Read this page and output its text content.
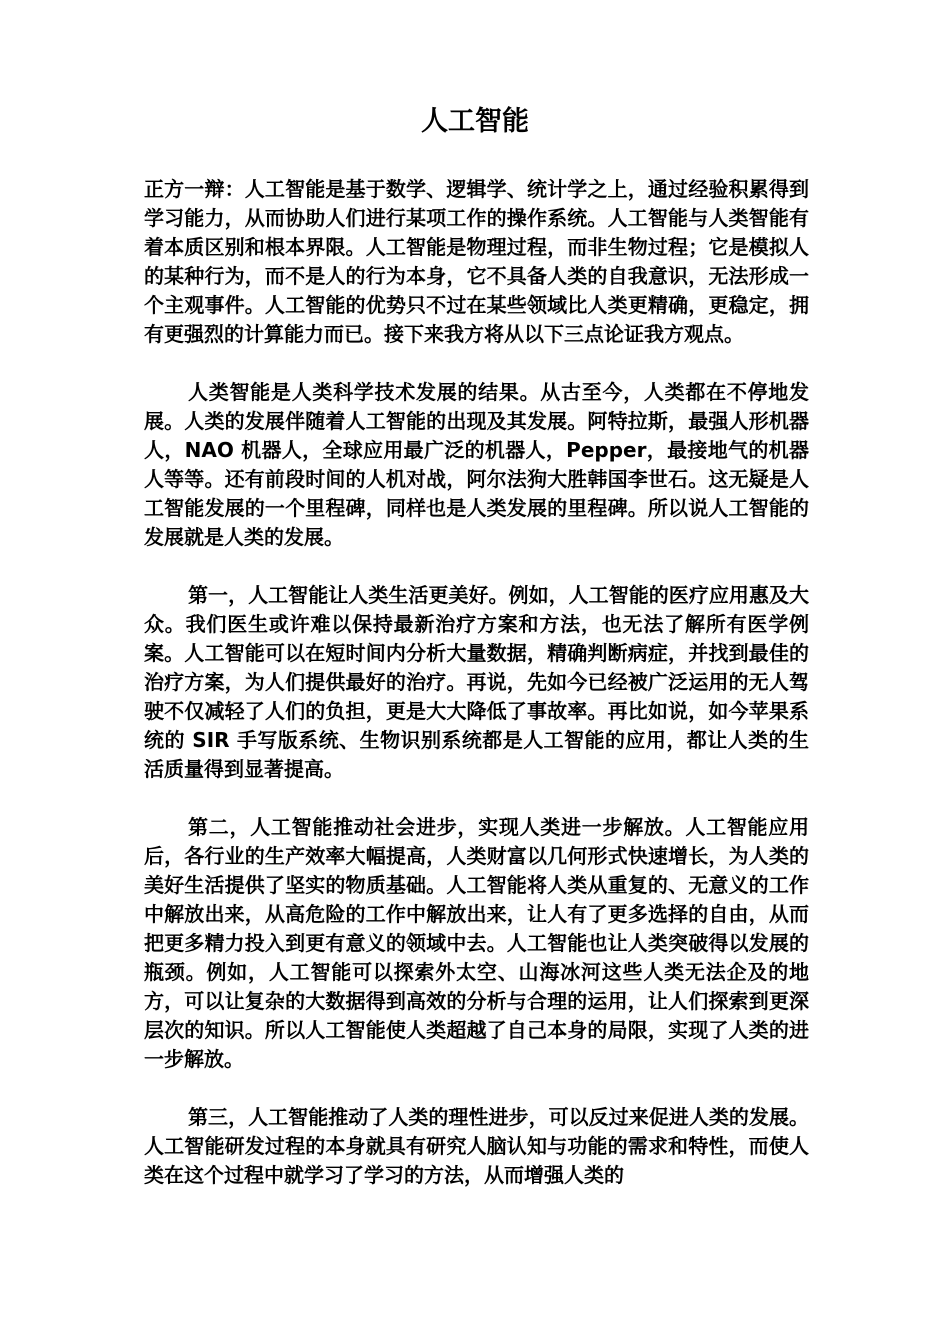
人工智能

正方一辩：人工智能是基于数学、逻辑学、统计学之上，通过经验积累得到学习能力，从而协助人们进行某项工作的操作系统。人工智能与人类智能有着本质区别和根本界限。人工智能是物理过程，而非生物过程；它是模拟人的某种行为，而不是人的行为本身，它不具备人类的自我意识，无法形成一个主观事件。人工智能的优势只不过在某些领域比人类更精确，更稳定，拥有更强烈的计算能力而已。接下来我方将从以下三点论证我方观点。

人类智能是人类科学技术发展的结果。从古至今，人类都在不停地发展。人类的发展伴随着人工智能的出现及其发展。阿特拉斯，最强人形机器人，NAO 机器人，全球应用最广泛的机器人，Pepper，最接地气的机器人等等。还有前段时间的人机对战，阿尔法狗大胜韩国李世石。这无疑是人工智能发展的一个里程碑，同样也是人类发展的里程碑。所以说人工智能的发展就是人类的发展。

第一，人工智能让人类生活更美好。例如，人工智能的医疗应用惠及大众。我们医生或许难以保持最新治疗方案和方法，也无法了解所有医学例案。人工智能可以在短时间内分析大量数据，精确判断病症，并找到最佳的治疗方案，为人们提供最好的治疗。再说，先如今已经被广泛运用的无人驾驶不仅减轻了人们的负担，更是大大降低了事故率。再比如说，如今苹果系统的 SIR 手写版系统、生物识别系统都是人工智能的应用，都让人类的生活质量得到显著提高。

第二，人工智能推动社会进步，实现人类进一步解放。人工智能应用后，各行业的生产效率大幅提高，人类财富以几何形式快速增长，为人类的美好生活提供了坚实的物质基础。人工智能将人类从重复的、无意义的工作中解放出来，从高危险的工作中解放出来，让人有了更多选择的自由，从而把更多精力投入到更有意义的领域中去。人工智能也让人类突破得以发展的瓶颈。例如，人工智能可以探索外太空、山海冰河这些人类无法企及的地方，可以让复杂的大数据得到高效的分析与合理的运用，让人们探索到更深层次的知识。所以人工智能使人类超越了自己本身的局限，实现了人类的进一步解放。

第三，人工智能推动了人类的理性进步，可以反过来促进人类的发展。人工智能研发过程的本身就具有研究人脑认知与功能的需求和特性，而使人类在这个过程中就学习了学习的方法，从而增强人类的
